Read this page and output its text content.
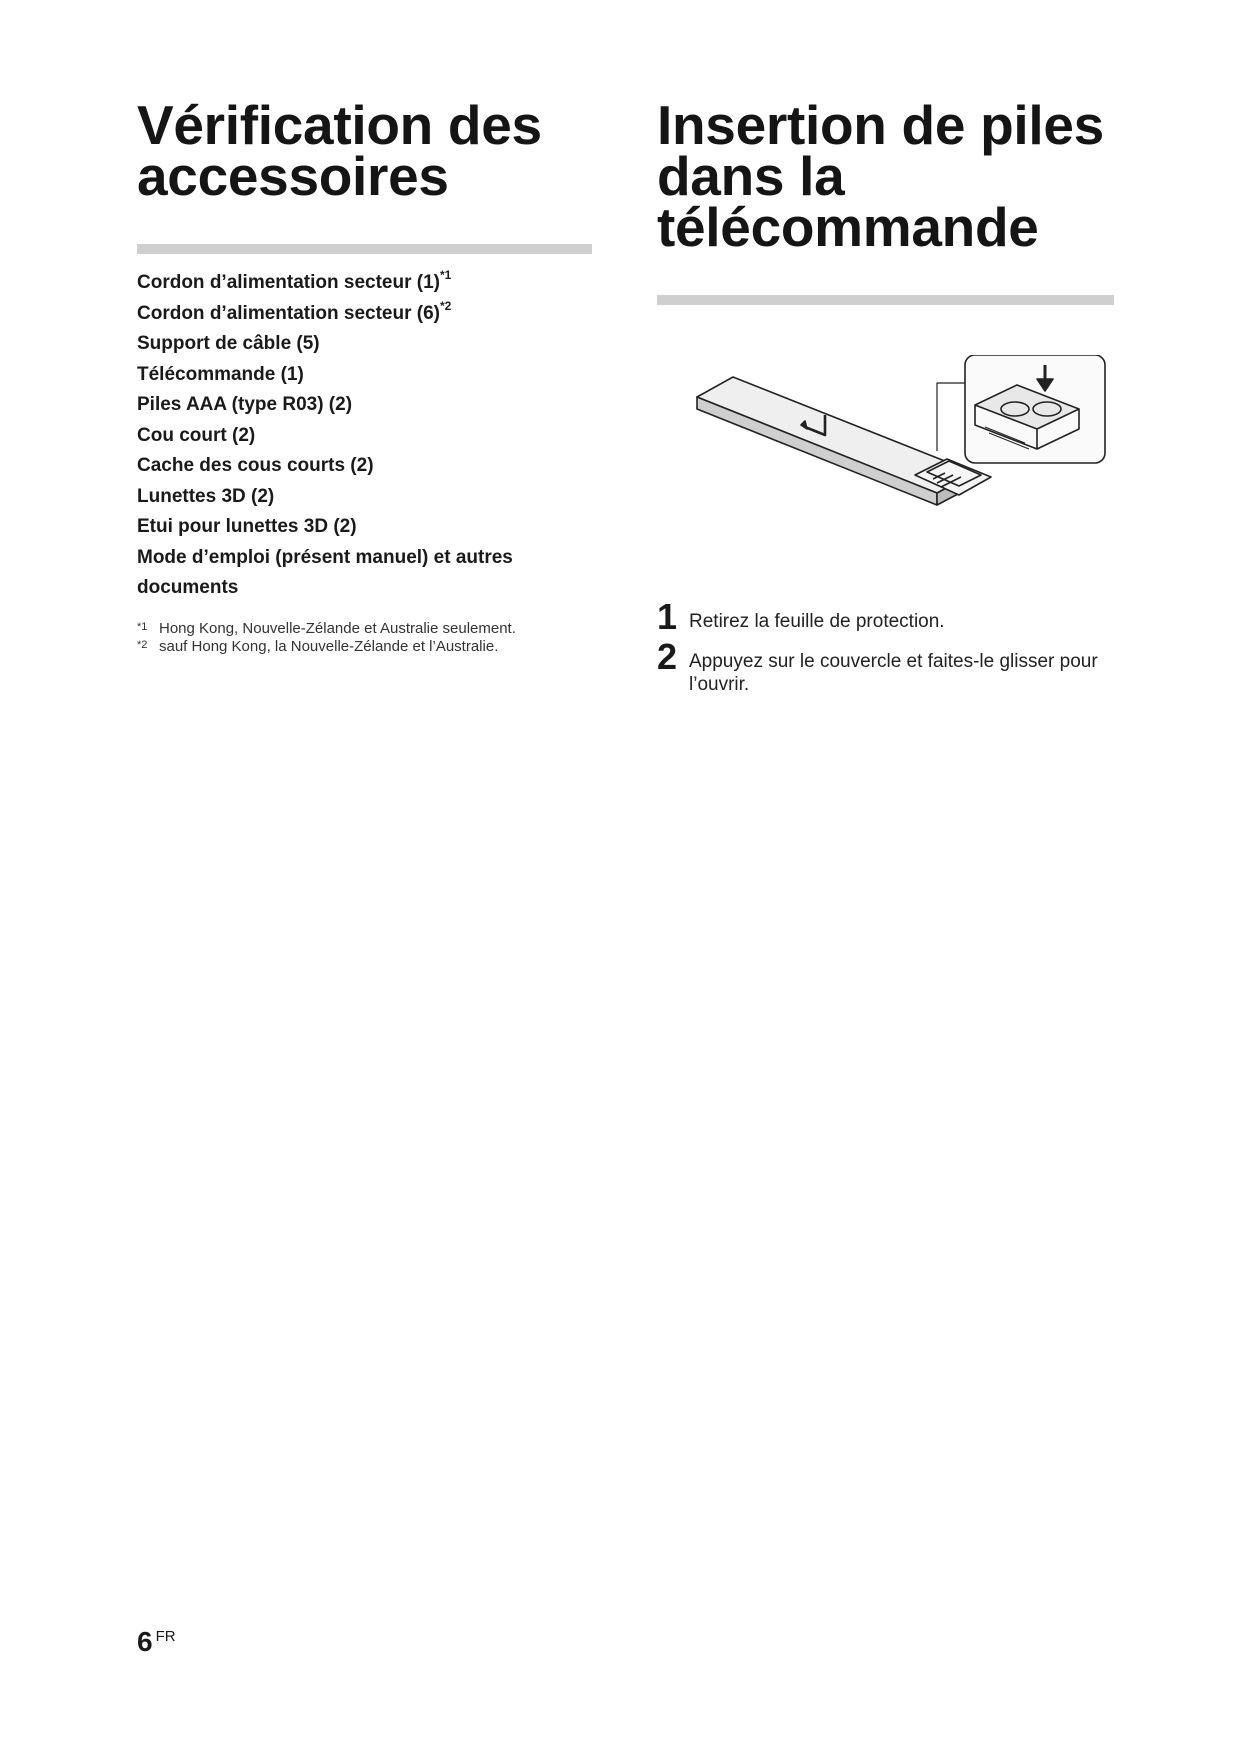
Vérification des
accessoires
Cordon d’alimentation secteur $(1)^{*1}$
Cordon d’alimentation secteur $(6)^{*2}$
Support de câble (5)
Télécommande (1)
Piles AAA (type R03) (2)
Cou court (2)
Cache des cous courts (2)
Lunettes 3D (2)
Etui pour lunettes 3D (2)
Mode d’emploi (présent manuel) et autres documents
*1 Hong Kong, Nouvelle-Zélande et Australie seulement.
*2 sauf Hong Kong, la Nouvelle-Zélande et l’Australie.
Insertion de piles
dans la
télécommande
1 Retirez la feuille de protection.
2 Appuyez sur le couvercle et faites-le glisser pour l’ouvrir.
6 $^{FR}$
